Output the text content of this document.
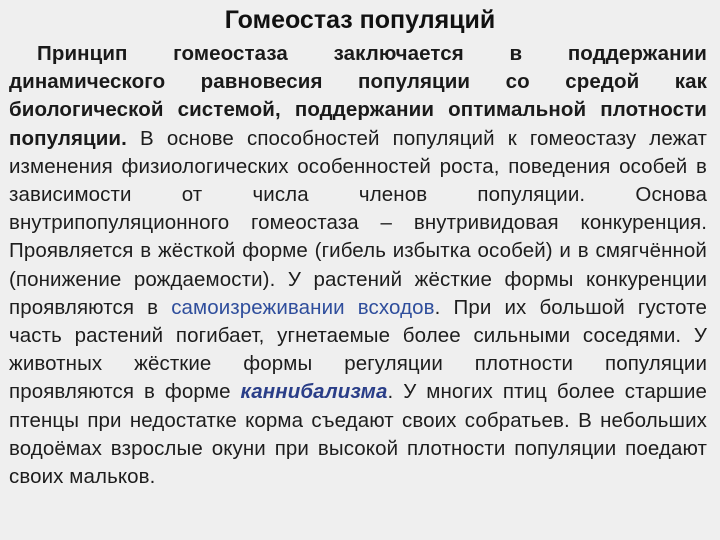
Гомеостаз популяций
Принцип гомеостаза заключается в поддержании динамического равновесия популяции со средой как биологической системой, поддержании оптимальной плотности популяции. В основе способностей популяций к гомеостазу лежат изменения физиологических особенностей роста, поведения особей в зависимости от числа членов популяции. Основа внутрипопуляционного гомеостаза – внутривидовая конкуренция. Проявляется в жёсткой форме (гибель избытка особей) и в смягчённой (понижение рождаемости). У растений жёсткие формы конкуренции проявляются в самоизреживании всходов. При их большой густоте часть растений погибает, угнетаемые более сильными соседями. У животных жёсткие формы регуляции плотности популяции проявляются в форме каннибализма. У многих птиц более старшие птенцы при недостатке корма съедают своих собратьев. В небольших водоёмах взрослые окуни при высокой плотности популяции поедают своих мальков.
